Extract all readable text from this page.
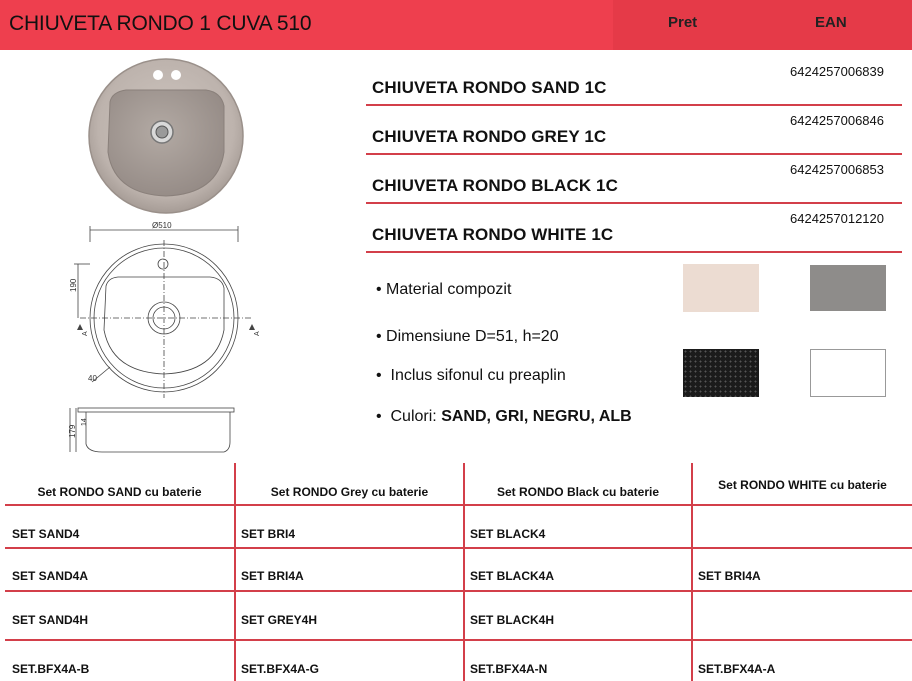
CHIUVETA RONDO 1 CUVA 510	Pret	EAN
Ø510
190
40
179
14
A
A
CHIUVETA RONDO SAND 1C
6424257006839
CHIUVETA RONDO GREY 1C
6424257006846
CHIUVETA RONDO BLACK 1C
6424257006853
CHIUVETA RONDO WHITE 1C
6424257012120
• Material compozit
• Dimensiune D=51, h=20
•  Inclus sifonul cu preaplin
•  Culori: SAND, GRI, NEGRU, ALB
Set RONDO SAND cu baterie	Set RONDO Grey cu baterie	Set RONDO Black cu baterie	Set RONDO WHITE cu baterie
SET SAND4	SET BRI4	SET BLACK4
SET SAND4A	SET BRI4A	SET BLACK4A	SET BRI4A
SET SAND4H	SET GREY4H	SET BLACK4H
SET.BFX4A-B	SET.BFX4A-G	SET.BFX4A-N	SET.BFX4A-A
